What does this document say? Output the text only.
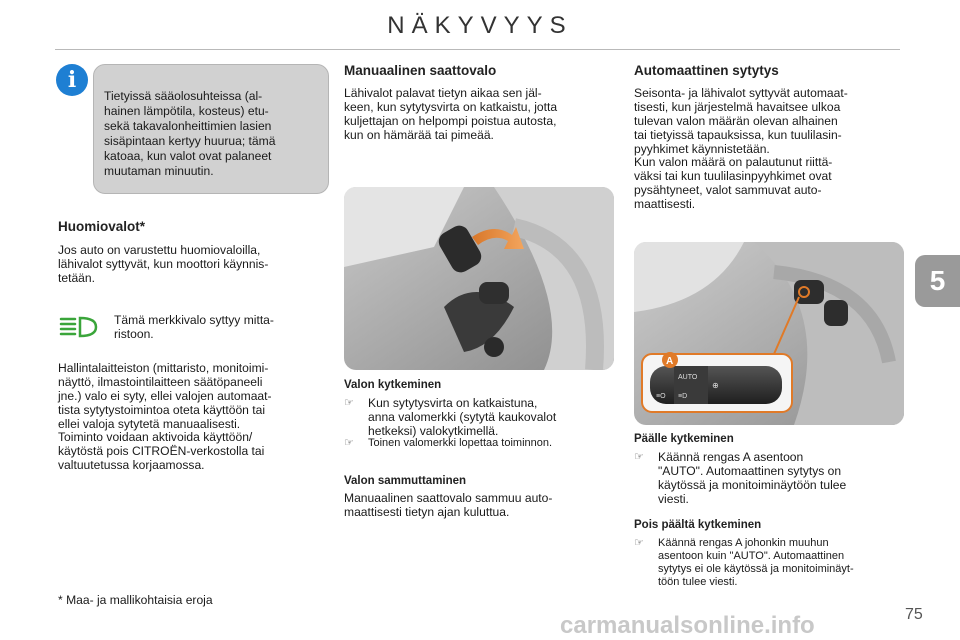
NÄKYVYYS
5
i
Tietyissä sääolosuhteissa (al-
hainen lämpötila, kosteus) etu-
sekä takavalonheittimien lasien
sisäpintaan kertyy huurua; tämä
katoaa, kun valot ovat palaneet
muutaman minuutin.
Huomiovalot*
Jos auto on varustettu huomiovaloilla,
lähivalot syttyvät, kun moottori käynnis-
tetään.
Tämä merkkivalo syttyy mitta-
ristoon.
Hallintalaitteiston (mittaristo, monitoimi-
näyttö, ilmastointilaitteen säätöpaneeli
jne.) valo ei syty, ellei valojen automaat-
tista sytytystoimintoa oteta käyttöön tai
ellei valoja sytytetä manuaalisesti.
Toiminto voidaan aktivoida käyttöön/
käytöstä pois CITROËN-verkostolla tai
valtuutetussa korjaamossa.
* Maa- ja mallikohtaisia eroja
Manuaalinen saattovalo
Lähivalot palavat tietyn aikaa sen jäl-
keen, kun sytytysvirta on katkaistu, jotta
kuljettajan on helpompi poistua autosta,
kun on hämärää tai pimeää.
Valon kytkeminen
☞ Kun sytytysvirta on katkaistuna,
anna valomerkki (sytytä kaukovalot
hetkeksi) valokytkimellä.
☞ Toinen valomerkki lopettaa toiminnon.
Valon sammuttaminen
Manuaalinen saattovalo sammuu auto-
maattisesti tietyn ajan kuluttua.
Automaattinen sytytys
Seisonta- ja lähivalot syttyvät automaat-
tisesti, kun järjestelmä havaitsee ulkoa
tulevan valon määrän olevan alhainen
tai tietyissä tapauksissa, kun tuulilasin-
pyyhkimet käynnistetään.
Kun valon määrä on palautunut riittä-
väksi tai kun tuulilasinpyyhkimet ovat
pysähtyneet, valot sammuvat auto-
maattisesti.
AUTO
≡D
≡O
⊕
A
Päälle kytkeminen
☞ Käännä rengas A asentoon
"AUTO". Automaattinen sytytys on
käytössä ja monitoiminäytöön tulee
viesti.
Pois päältä kytkeminen
☞ Käännä rengas A johonkin muuhun
asentoon kuin "AUTO". Automaattinen
sytytys ei ole käytössä ja monitoiminäyt-
töön tulee viesti.
carmanualsonline.info	75
